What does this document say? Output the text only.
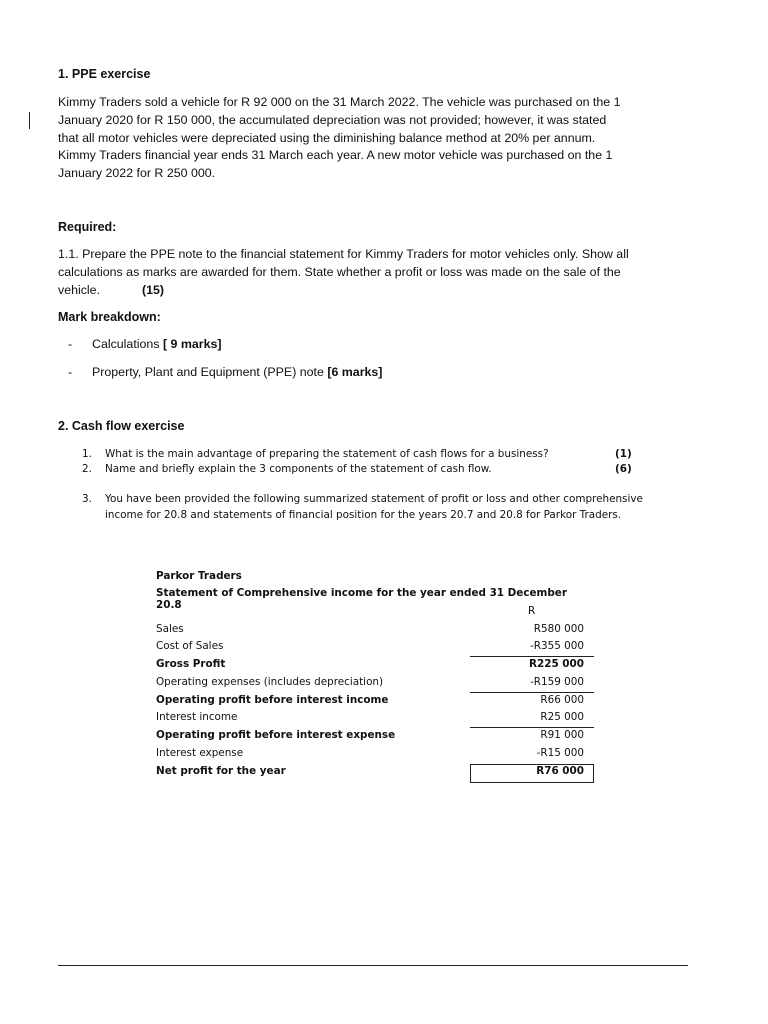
1. PPE exercise
Kimmy Traders sold a vehicle for R 92 000 on the 31 March 2022. The vehicle was purchased on the 1
January 2020 for R 150 000, the accumulated depreciation was not provided; however, it was stated
that all motor vehicles were depreciated using the diminishing balance method at 20% per annum.
Kimmy Traders financial year ends 31 March each year. A new motor vehicle was purchased on the 1
January 2022 for R 250 000.
Required:
1.1. Prepare the PPE note to the financial statement for Kimmy Traders for motor vehicles only. Show all
calculations as marks are awarded for them. State whether a profit or loss was made on the sale of the
vehicle.	(15)
Mark breakdown:
- Calculations [ 9 marks]
- Property, Plant and Equipment (PPE) note [6 marks]
2. Cash flow exercise
1. What is the main advantage of preparing the statement of cash flows for a business?	(1)
2. Name and briefly explain the 3 components of the statement of cash flow.	(6)
3. You have been provided the following summarized statement of profit or loss and other comprehensive
income for 20.8 and statements of financial position for the years 20.7 and 20.8 for Parkor Traders.
Parkor Traders
Statement of Comprehensive income for the year ended 31 December 20.8	R
Sales	R580 000
Cost of Sales	-R355 000
Gross Profit	R225 000
Operating expenses (includes depreciation)	-R159 000
Operating profit before interest income	R66 000
Interest income	R25 000
Operating profit before interest expense	R91 000
Interest expense	-R15 000
Net profit for the year	R76 000
